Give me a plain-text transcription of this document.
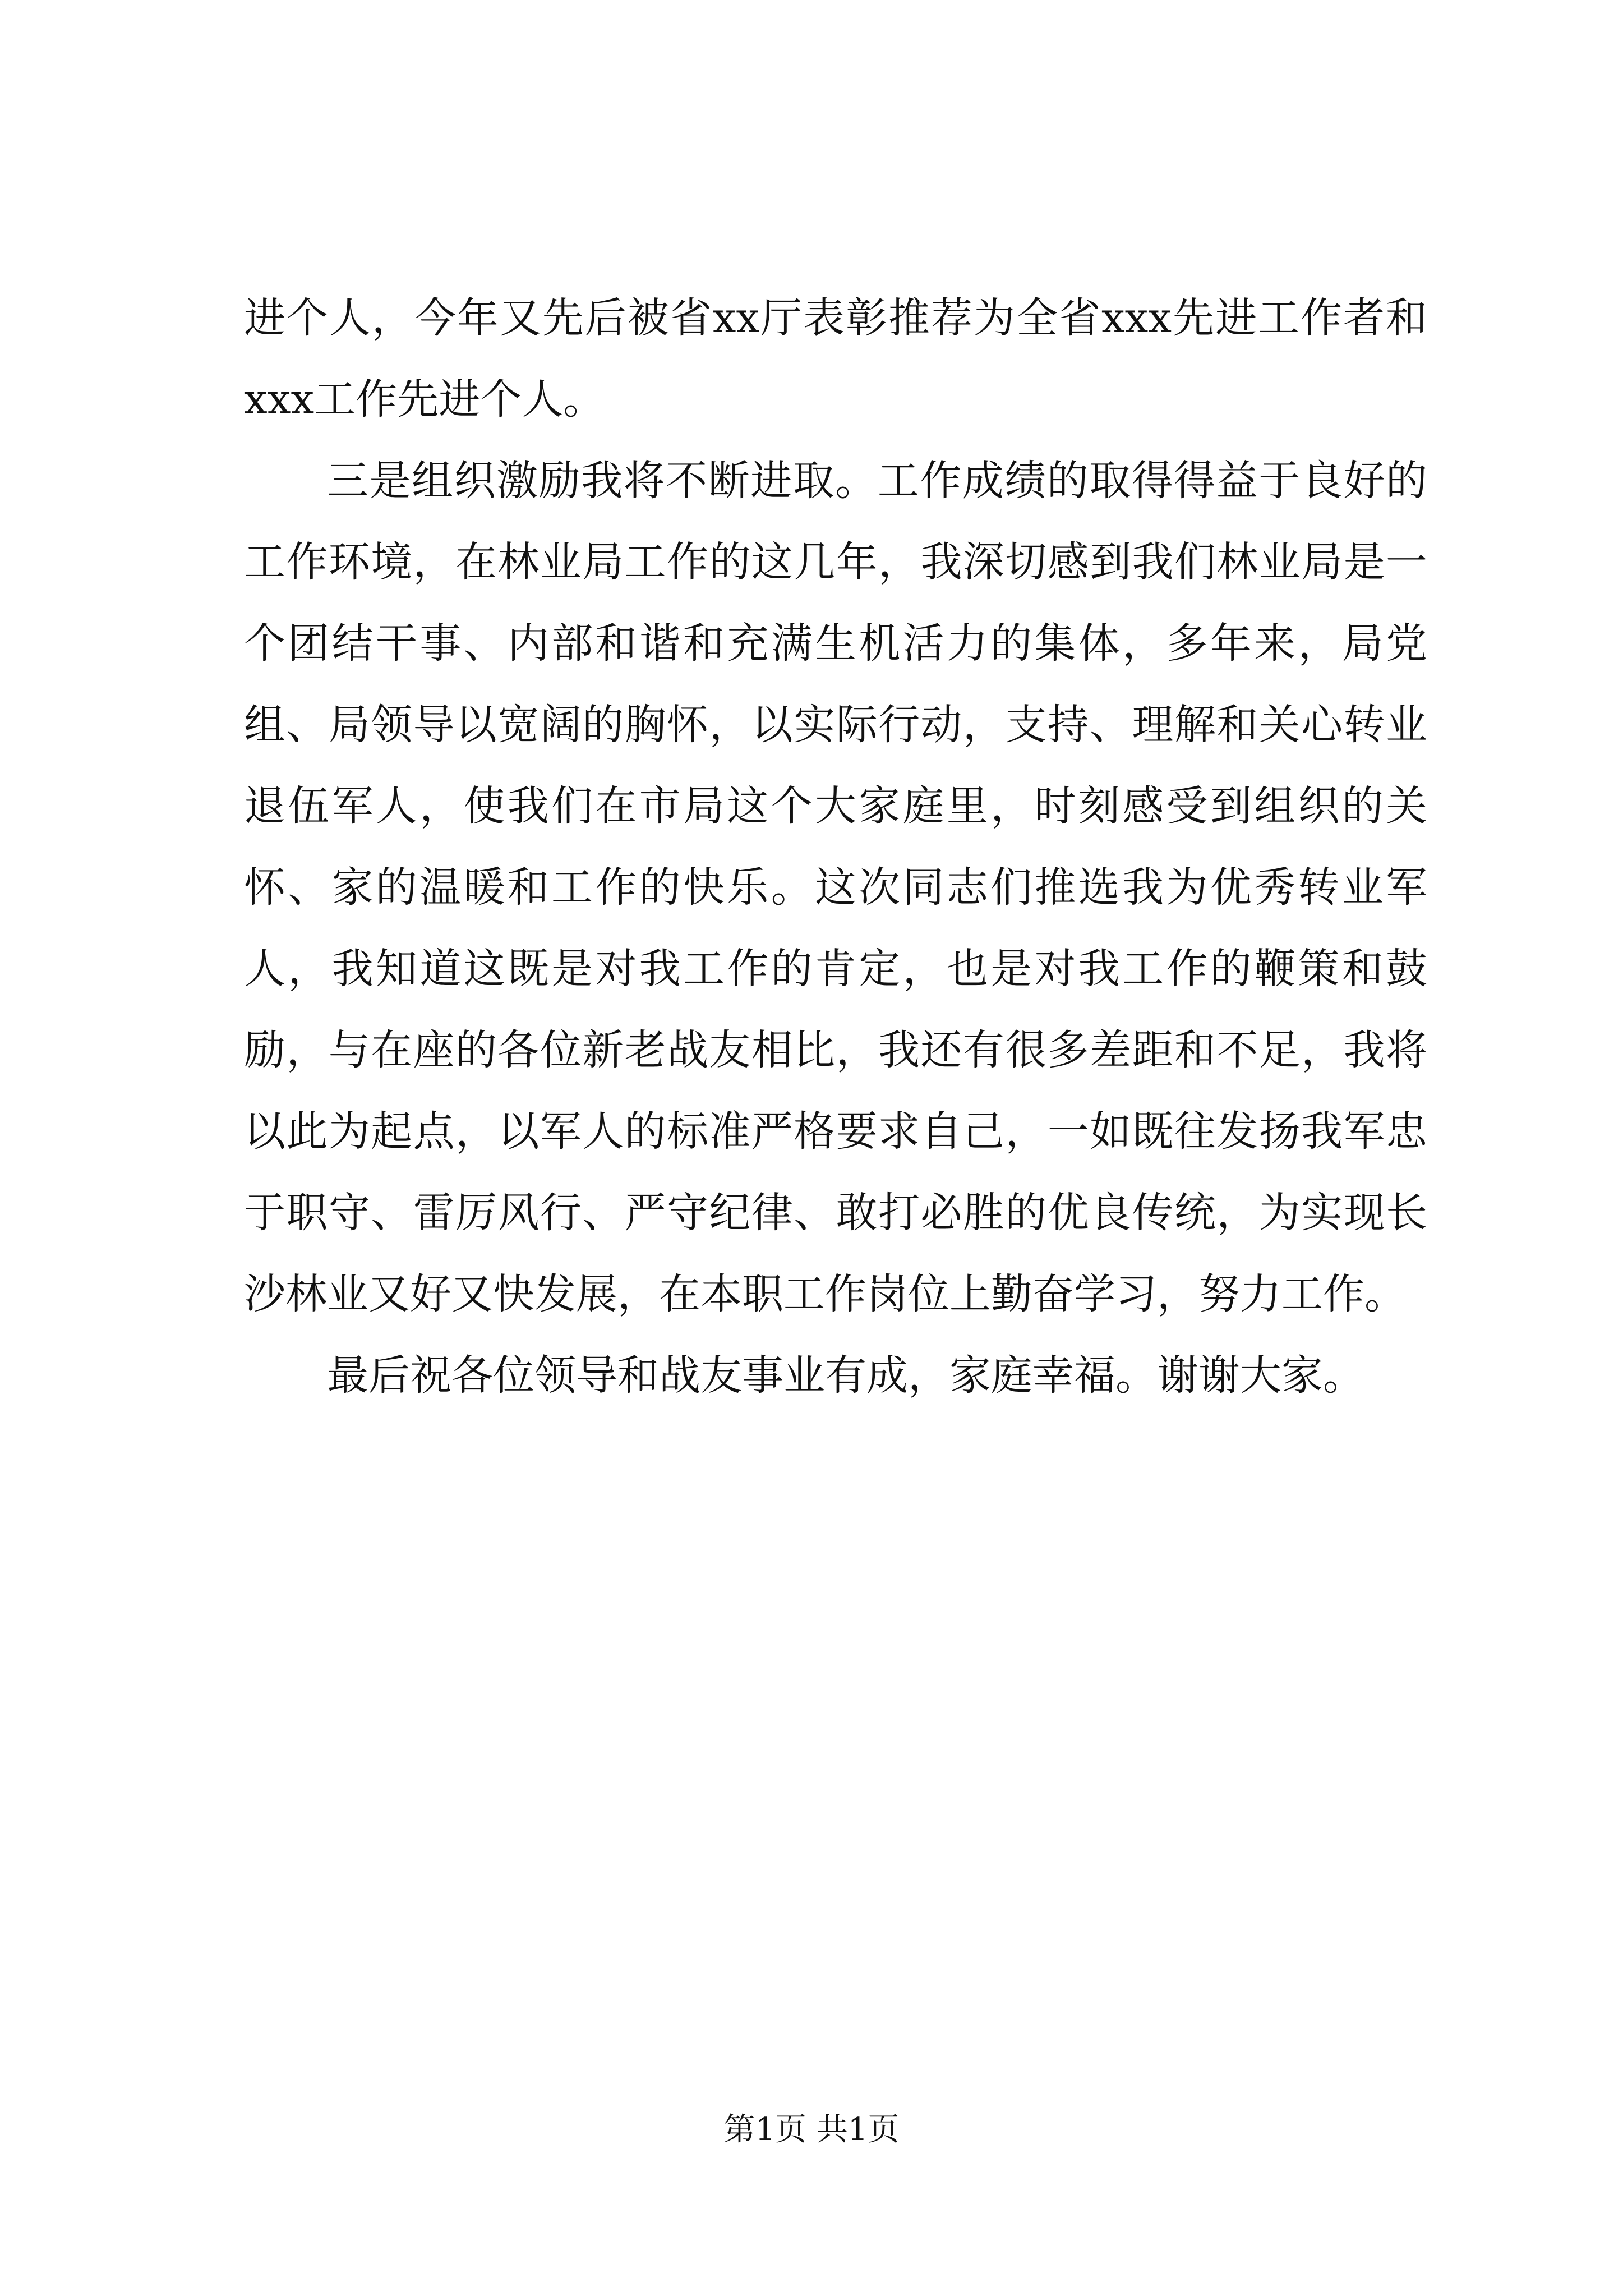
进个人，今年又先后被省xx厅表彰推荐为全省xxx先进工作者和xxx工作先进个人。

三是组织激励我将不断进取。工作成绩的取得得益于良好的工作环境，在林业局工作的这几年，我深切感到我们林业局是一个团结干事、内部和谐和充满生机活力的集体，多年来，局党组、局领导以宽阔的胸怀，以实际行动，支持、理解和关心转业退伍军人，使我们在市局这个大家庭里，时刻感受到组织的关怀、家的温暖和工作的快乐。这次同志们推选我为优秀转业军人，我知道这既是对我工作的肯定，也是对我工作的鞭策和鼓励，与在座的各位新老战友相比，我还有很多差距和不足，我将以此为起点，以军人的标准严格要求自己，一如既往发扬我军忠于职守、雷厉风行、严守纪律、敢打必胜的优良传统，为实现长沙林业又好又快发展，在本职工作岗位上勤奋学习，努力工作。

最后祝各位领导和战友事业有成，家庭幸福。谢谢大家。

第1页 共1页
